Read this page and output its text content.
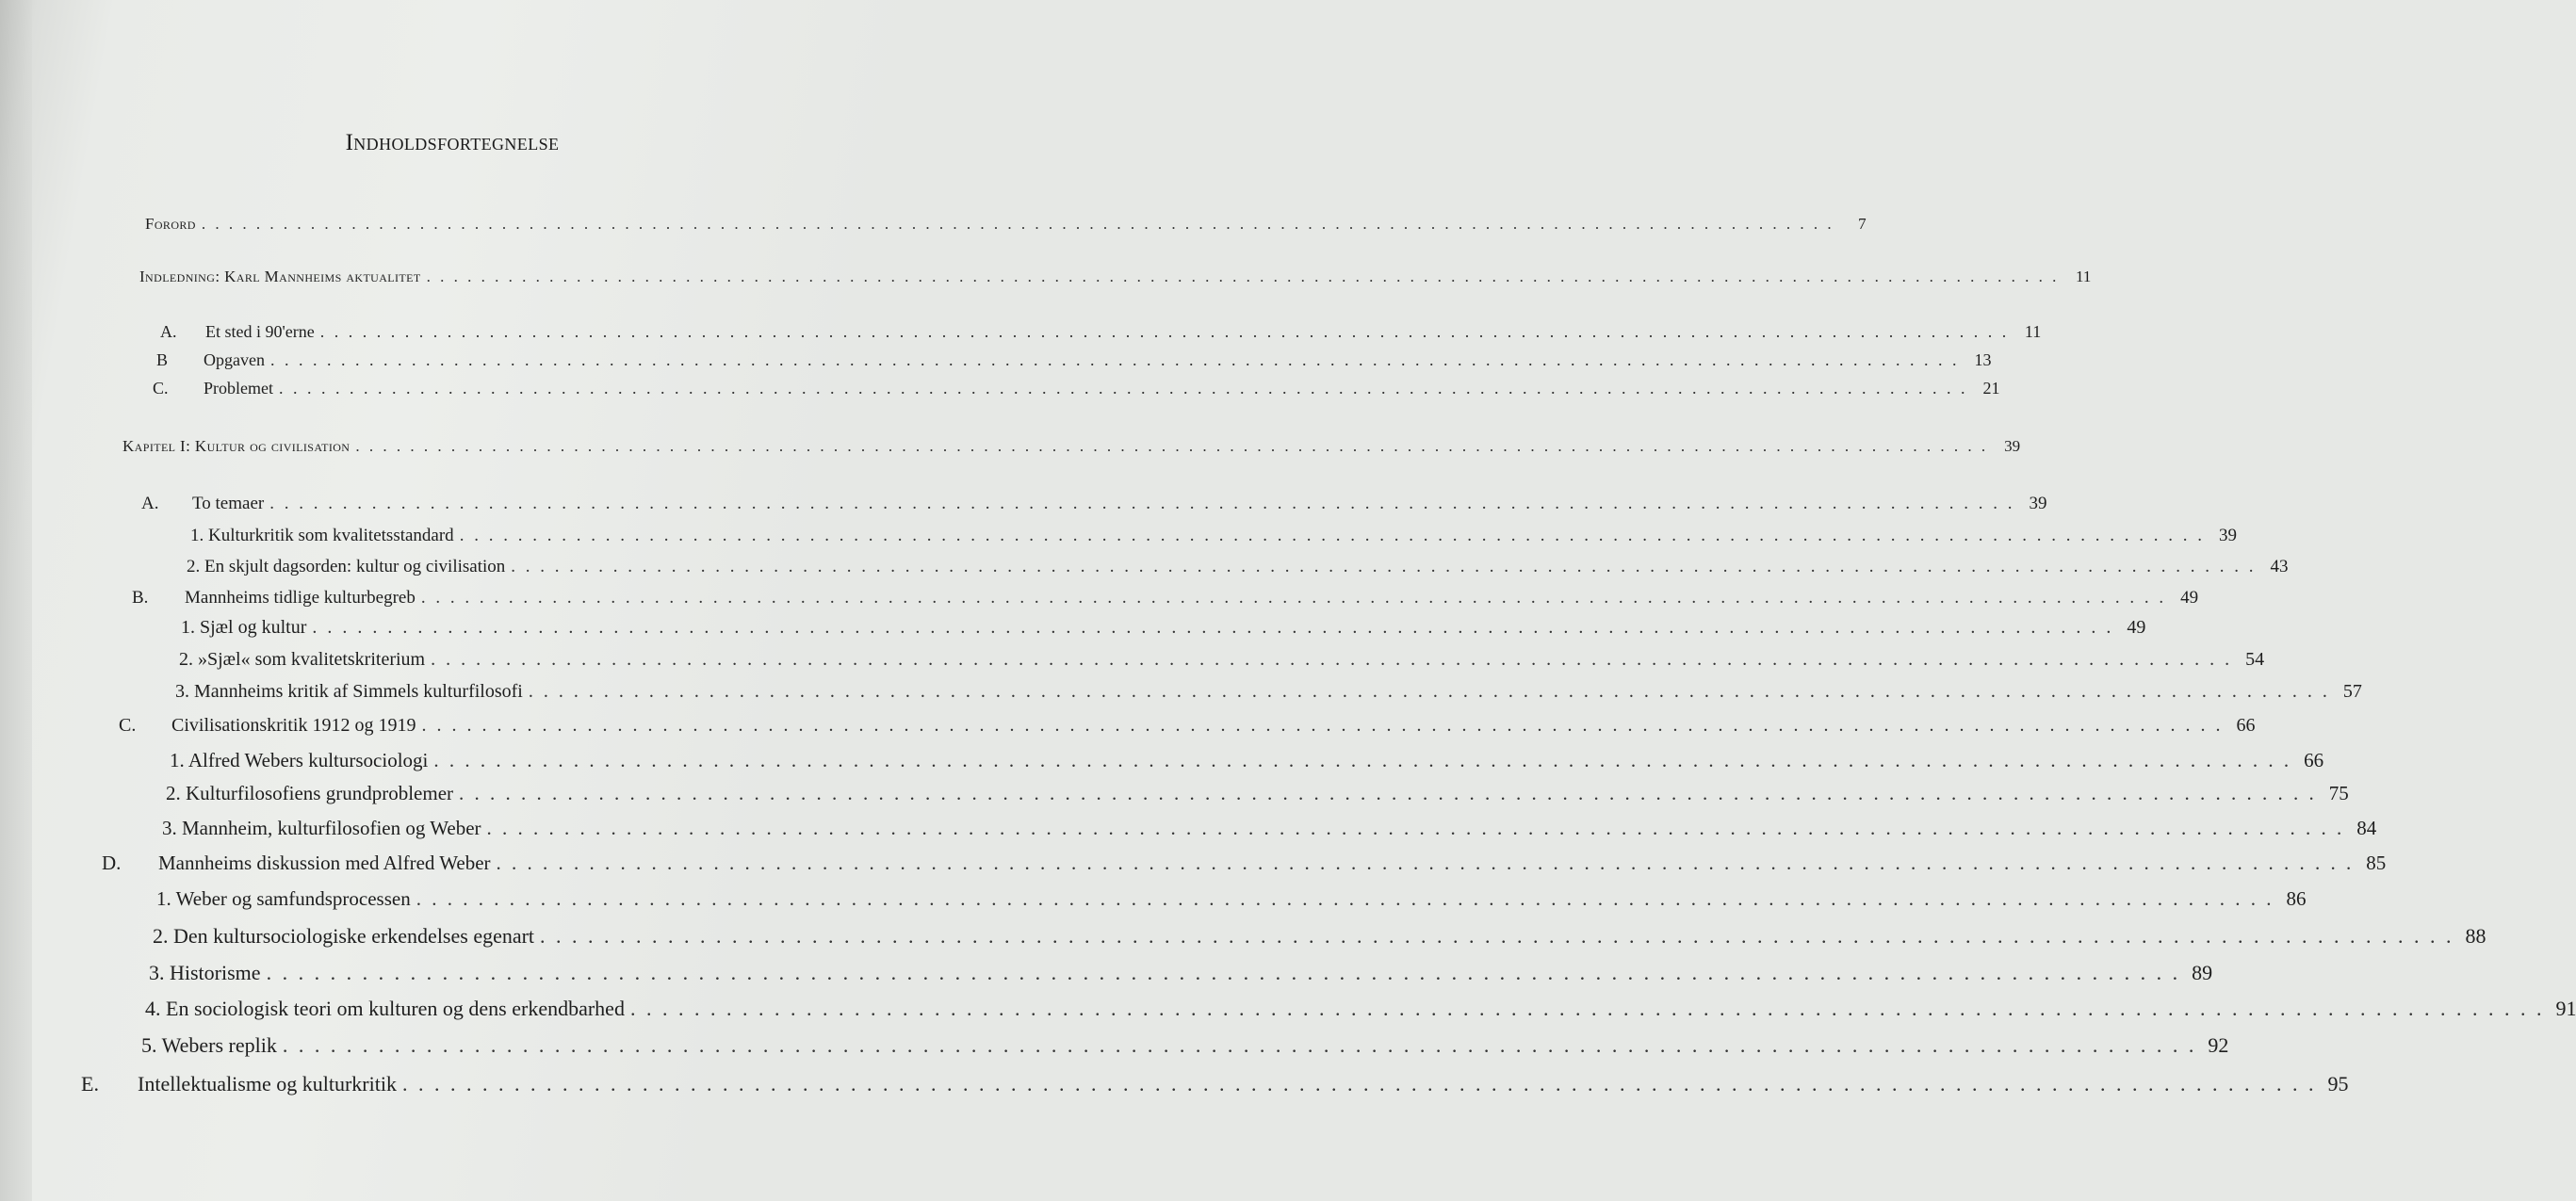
Indholdsfortegnelse
Forord . . . . . . . . . . . . . . . . . . . . . . . . . . . . . . . . . . . . . . . . . . . . . . . . . . . . . . . . . . . . . . . . . . . . . . . . . . . . . . . . . . . . . . . . . . . . . . . . . . . . . . . . . . . . . . . . . . . . . . . .	7
Indledning: Karl Mannheims aktualitet . . . . . . . . . . . . . . . . . . . . . . . . . . . . . . . . . . . . . . . . . . . . . . . . . . . . . . . . . . . . . . . . . . . . . . . . . . . . . . . . . . . . . . . . . . . . . . . . . . . . . . . . . . . . . . . . . . . . . . . .	11
A.	Et sted i 90'erne . . . . . . . . . . . . . . . . . . . . . . . . . . . . . . . . . . . . . . . . . . . . . . . . . . . . . . . . . . . . . . . . . . . . . . . . . . . . . . . . . . . . . . . . . . . . . . . . . . . . . . . . . . . . . . . . . . . . . . . . 11
B	Opgaven . . . . . . . . . . . . . . . . . . . . . . . . . . . . . . . . . . . . . . . . . . . . . . . . . . . . . . . . . . . . . . . . . . . . . . . . . . . . . . . . . . . . . . . . . . . . . . . . . . . . . . . . . . . . . . . . . . . . . . . . 13
C.	Problemet . . . . . . . . . . . . . . . . . . . . . . . . . . . . . . . . . . . . . . . . . . . . . . . . . . . . . . . . . . . . . . . . . . . . . . . . . . . . . . . . . . . . . . . . . . . . . . . . . . . . . . . . . . . . . . . . . . . . . . . . 21
Kapitel I: Kultur og civilisation . . . . . . . . . . . . . . . . . . . . . . . . . . . . . . . . . . . . . . . . . . . . . . . . . . . . . . . . . . . . . . . . . . . . . . . . . . . . . . . . . . . . . . . . . . . . . . . . . . . . . . . . . . . . . . . . . . . . . . . .	39
A.	To temaer . . . . . . . . . . . . . . . . . . . . . . . . . . . . . . . . . . . . . . . . . . . . . . . . . . . . . . . . . . . . . . . . . . . . . . . . . . . . . . . . . . . . . . . . . . . . . . . . . . . . . . . . . . . . . . . . . . . . . . . . 39
1. Kulturkritik som kvalitetsstandard . . . . . . . . . . . . . . . . . . . . . . . . . . . . . . . . . . . . . . . . . . . . . . . . . . . . . . . . . . . . . . . . . . . . . . . . . . . . . . . . . . . . . . . . . . . . . . . . . . . . . . . . . . . . . . . . . . . . . . . . 39
2. En skjult dagsorden: kultur og civilisation . . . . . . . . . . . . . . . . . . . . . . . . . . . . . . . . . . . . . . . . . . . . . . . . . . . . . . . . . . . . . . . . . . . . . . . . . . . . . . . . . . . . . . . . . . . . . . . . . . . . . . . . . . . . . . . . . . . . . . . . 43
B.	Mannheims tidlige kulturbegreb . . . . . . . . . . . . . . . . . . . . . . . . . . . . . . . . . . . . . . . . . . . . . . . . . . . . . . . . . . . . . . . . . . . . . . . . . . . . . . . . . . . . . . . . . . . . . . . . . . . . . . . . . . . . . . . . . . . . . . . . 49
1. Sjæl og kultur . . . . . . . . . . . . . . . . . . . . . . . . . . . . . . . . . . . . . . . . . . . . . . . . . . . . . . . . . . . . . . . . . . . . . . . . . . . . . . . . . . . . . . . . . . . . . . . . . . . . . . . . . . . . . . . . . . . . . . . . 49
2. »Sjæl« som kvalitetskriterium . . . . . . . . . . . . . . . . . . . . . . . . . . . . . . . . . . . . . . . . . . . . . . . . . . . . . . . . . . . . . . . . . . . . . . . . . . . . . . . . . . . . . . . . . . . . . . . . . . . . . . . . . . . . . . . . . . . . . . . . 54
3. Mannheims kritik af Simmels kulturfilosofi . . . . . . . . . . . . . . . . . . . . . . . . . . . . . . . . . . . . . . . . . . . . . . . . . . . . . . . . . . . . . . . . . . . . . . . . . . . . . . . . . . . . . . . . . . . . . . . . . . . . . . . . . . . . . . . . . . . . . . . . 57
C.	Civilisationskritik 1912 og 1919 . . . . . . . . . . . . . . . . . . . . . . . . . . . . . . . . . . . . . . . . . . . . . . . . . . . . . . . . . . . . . . . . . . . . . . . . . . . . . . . . . . . . . . . . . . . . . . . . . . . . . . . . . . . . . . . . . . . . . . . . 66
1. Alfred Webers kultursociologi . . . . . . . . . . . . . . . . . . . . . . . . . . . . . . . . . . . . . . . . . . . . . . . . . . . . . . . . . . . . . . . . . . . . . . . . . . . . . . . . . . . . . . . . . . . . . . . . . . . . . . . . . . . . . . . . . . . . . . . . 66
2. Kulturfilosofiens grundproblemer . . . . . . . . . . . . . . . . . . . . . . . . . . . . . . . . . . . . . . . . . . . . . . . . . . . . . . . . . . . . . . . . . . . . . . . . . . . . . . . . . . . . . . . . . . . . . . . . . . . . . . . . . . . . . . . . . . . . . . . . 75
3. Mannheim, kulturfilosofien og Weber . . . . . . . . . . . . . . . . . . . . . . . . . . . . . . . . . . . . . . . . . . . . . . . . . . . . . . . . . . . . . . . . . . . . . . . . . . . . . . . . . . . . . . . . . . . . . . . . . . . . . . . . . . . . . . . . . . . . . . . . 84
D.	Mannheims diskussion med Alfred Weber . . . . . . . . . . . . . . . . . . . . . . . . . . . . . . . . . . . . . . . . . . . . . . . . . . . . . . . . . . . . . . . . . . . . . . . . . . . . . . . . . . . . . . . . . . . . . . . . . . . . . . . . . . . . . . . . . . . . . . . . 85
1. Weber og samfundsprocessen . . . . . . . . . . . . . . . . . . . . . . . . . . . . . . . . . . . . . . . . . . . . . . . . . . . . . . . . . . . . . . . . . . . . . . . . . . . . . . . . . . . . . . . . . . . . . . . . . . . . . . . . . . . . . . . . . . . . . . . . 86
2. Den kultursociologiske erkendelses egenart . . . . . . . . . . . . . . . . . . . . . . . . . . . . . . . . . . . . . . . . . . . . . . . . . . . . . . . . . . . . . . . . . . . . . . . . . . . . . . . . . . . . . . . . . . . . . . . . . . . . . . . . . . . . . . . . . . . . . . . . 88
3. Historisme . . . . . . . . . . . . . . . . . . . . . . . . . . . . . . . . . . . . . . . . . . . . . . . . . . . . . . . . . . . . . . . . . . . . . . . . . . . . . . . . . . . . . . . . . . . . . . . . . . . . . . . . . . . . . . . . . . . . . . . . 89
4. En sociologisk teori om kulturen og dens erkendbarhed . . . . . . . . . . . . . . . . . . . . . . . . . . . . . . . . . . . . . . . . . . . . . . . . . . . . . . . . . . . . . . . . . . . . . . . . . . . . . . . . . . . . . . . . . . . . . . . . . . . . . . . . . . . . . . . . . . . . . . . . 91
5. Webers replik . . . . . . . . . . . . . . . . . . . . . . . . . . . . . . . . . . . . . . . . . . . . . . . . . . . . . . . . . . . . . . . . . . . . . . . . . . . . . . . . . . . . . . . . . . . . . . . . . . . . . . . . . . . . . . . . . . . . . . . . 92
E.	Intellektualisme og kulturkritik . . . . . . . . . . . . . . . . . . . . . . . . . . . . . . . . . . . . . . . . . . . . . . . . . . . . . . . . . . . . . . . . . . . . . . . . . . . . . . . . . . . . . . . . . . . . . . . . . . . . . . . . . . . . . . . . . . . . . . . . 95
